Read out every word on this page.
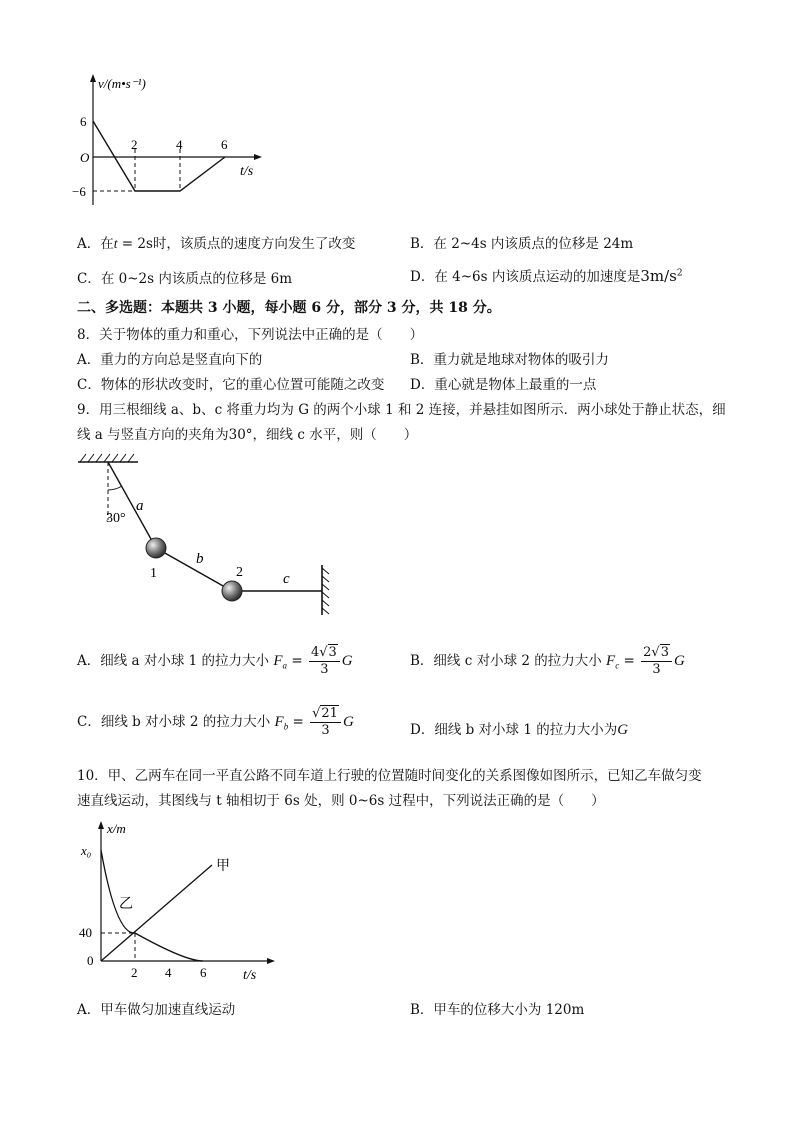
v/(m•s⁻¹)
6
O
−6
2	4	6
t/s
A．在t = 2s时，该质点的速度方向发生了改变	B．在 2~4s 内该质点的位移是 24m
C．在 0~2s 内该质点的位移是 6m	D．在 4~6s 内该质点运动的加速度是$3m/s^2$
二、多选题：本题共 3 小题，每小题 6 分，部分 3 分，共 18 分。
8．关于物体的重力和重心，下列说法中正确的是（　　）
A．重力的方向总是竖直向下的	B．重力就是地球对物体的吸引力
C．物体的形状改变时，它的重心位置可能随之改变 D．重心就是物体上最重的一点
9．用三根细线 a、b、c 将重力均为 G 的两个小球 1 和 2 连接，并悬挂如图所示．两小球处于静止状态，细
线 a 与竖直方向的夹角为30°，细线 c 水平，则（　　）
30°
a
b
c
1	2
A．细线 a 对小球 1 的拉力大小 $F_a = \frac{4√3}{3}$ G	B．细线 c 对小球 2 的拉力大小 $F_c = \frac{2√3}{3}$ G
C．细线 b 对小球 2 的拉力大小 $F_b = \frac{√21}{3}$ G	D．细线 b 对小球 1 的拉力大小为G
10．甲、乙两车在同一平直公路不同车道上行驶的位置随时间变化的关系图像如图所示，已知乙车做匀变
速直线运动，其图线与 t 轴相切于 6s 处，则 0~6s 过程中，下列说法正确的是（　　）
x/m
x₀
40
0
2 4 6	t/s
甲
乙
A．甲车做匀加速直线运动	B．甲车的位移大小为 120m
